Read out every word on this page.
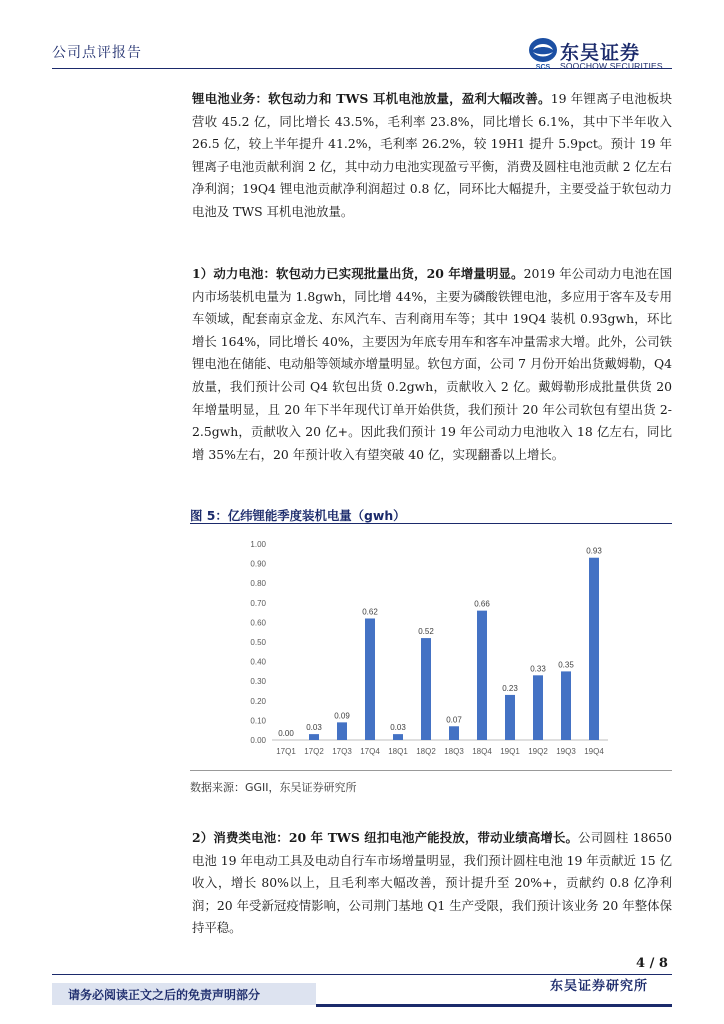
公司点评报告
SCS
东吴证券
SOOCHOW SECURITIES
锂电池业务：软包动力和 TWS 耳机电池放量，盈利大幅改善。19 年锂离子电池板块营收 45.2 亿，同比增长 43.5%，毛利率 23.8%，同比增长 6.1%，其中下半年收入 26.5 亿，较上半年提升 41.2%，毛利率 26.2%，较 19H1 提升 5.9pct。预计 19 年锂离子电池贡献利润 2 亿，其中动力电池实现盈亏平衡，消费及圆柱电池贡献 2 亿左右净利润；19Q4 锂电池贡献净利润超过 0.8 亿，同环比大幅提升，主要受益于软包动力电池及 TWS 耳机电池放量。
1）动力电池：软包动力已实现批量出货，20 年增量明显。2019 年公司动力电池在国内市场装机电量为 1.8gwh，同比增 44%，主要为磷酸铁锂电池，多应用于客车及专用车领域，配套南京金龙、东风汽车、吉利商用车等；其中 19Q4 装机 0.93gwh，环比增长 164%，同比增长 40%，主要因为年底专用车和客车冲量需求大增。此外，公司铁锂电池在储能、电动船等领域亦增量明显。软包方面，公司 7 月份开始出货戴姆勒，Q4 放量，我们预计公司 Q4 软包出货 0.2gwh，贡献收入 2 亿。戴姆勒形成批量供货 20 年增量明显，且 20 年下半年现代订单开始供货，我们预计 20 年公司软包有望出货 2-2.5gwh，贡献收入 20 亿+。因此我们预计 19 年公司动力电池收入 18 亿左右，同比增 35%左右，20 年预计收入有望突破 40 亿，实现翻番以上增长。
图 5：亿纬锂能季度装机电量（gwh）
0.00
0.10
0.20
0.30
0.40
0.50
0.60
0.70
0.80
0.90
1.00
0.00
0.03
0.09
0.62
0.03
0.52
0.07
0.66
0.23
0.33 0.35
0.93
17Q1 17Q2 17Q3 17Q4 18Q1 18Q2 18Q3 18Q4 19Q1 19Q2 19Q3 19Q4
数据来源：GGII，东吴证券研究所
2）消费类电池：20 年 TWS 纽扣电池产能投放，带动业绩高增长。公司圆柱 18650 电池 19 年电动工具及电动自行车市场增量明显，我们预计圆柱电池 19 年贡献近 15 亿收入，增长 80%以上，且毛利率大幅改善，预计提升至 20%+，贡献约 0.8 亿净利润；20 年受新冠疫情影响，公司荆门基地 Q1 生产受限，我们预计该业务 20 年整体保持平稳。
4 / 8
请务必阅读正文之后的免责声明部分
东吴证券研究所
